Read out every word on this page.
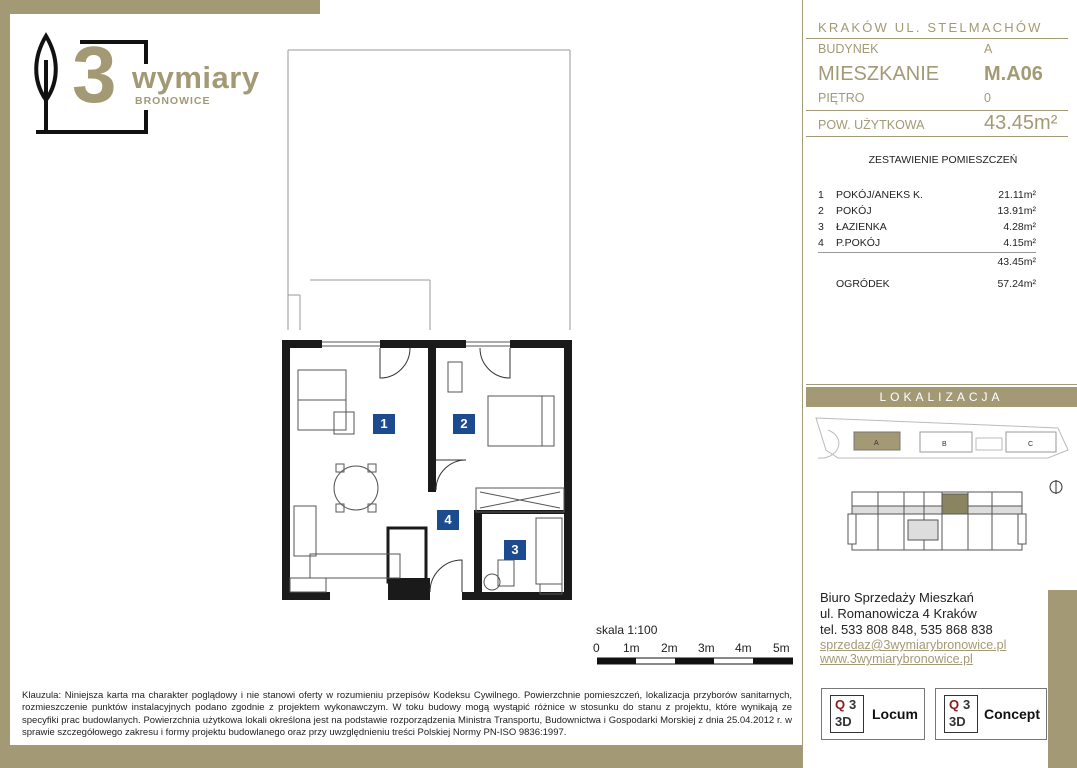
3 wymiary
BRONOWICE
KRAKÓW UL. STELMACHÓW
BUDYNEK	A
MIESZKANIE M.A06
PIĘTRO	0
POW. UŻYTKOWA	43.45m²
ZESTAWIENIE POMIESZCZEŃ
1 POKÓJ/ANEKS K.	21.11m²
2 POKÓJ	13.91m²
3 ŁAZIENKA	4.28m²
4 P.POKÓJ	4.15m²
43.45m²
OGRÓDEK	57.24m²
LOKALIZACJA
A	B	C
Biuro Sprzedaży Mieszkań
ul. Romanowicza 4 Kraków
tel. 533 808 848, 535 868 838
sprzedaz@3wymiarybronowice.pl
www.3wymiarybronowice.pl
1	2
3
4
skala 1:100
0 1m 2m 3m 4m 5m
Klauzula: Niniejsza karta ma charakter poglądowy i nie stanowi oferty w rozumieniu przepisów Kodeksu Cywilnego. Powierzchnie pomieszczeń, lokalizacja przyborów sanitarnych, rozmieszczenie punktów instalacyjnych podano zgodnie z projektem wykonawczym. W toku budowy mogą wystąpić różnice w stosunku do stanu z projektu, które wynikają ze specyfiki prac budowlanych. Powierzchnia użytkowa lokali określona jest na podstawie rozporządzenia Ministra Transportu, Budownictwa i Gospodarki Morskiej z dnia 25.04.2012 r. w sprawie szczegółowego zakresu i formy projektu budowlanego oraz przy uwzględnieniu treści Polskiej Normy PN-ISO 9836:1997.
Q 3
3D Locum
Q 3
3D Concept
